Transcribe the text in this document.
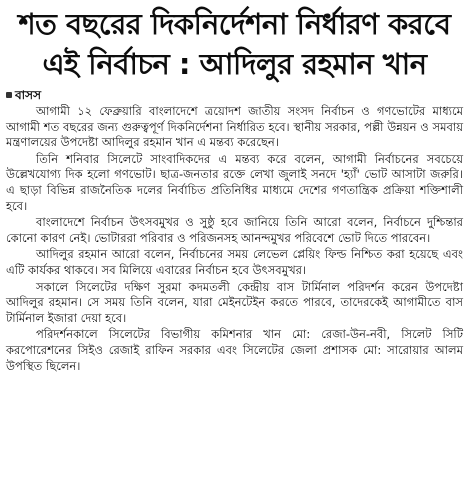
শত বছরের দিকনির্দেশনা নির্ধারণ করবে
এই নির্বাচন : আদিলুর রহমান খান
বাসস

আগামী ১২ ফেব্রুয়ারি বাংলাদেশে ত্রয়োদশ জাতীয় সংসদ নির্বাচন ও গণভোটের মাধ্যমে আগামী শত বছরের জন্য গুরুত্বপূর্ণ দিকনির্দেশনা নির্ধারিত হবে। স্থানীয় সরকার, পল্লী উন্নয়ন ও সমবায় মন্ত্রণালয়ের উপদেষ্টা আদিলুর রহমান খান এ মন্তব্য করেছেন।

তিনি শনিবার সিলেটে সাংবাদিকদের এ মন্তব্য করে বলেন, আগামী নির্বাচনের সবচেয়ে উল্লেখযোগ্য দিক হলো গণভোট। ছাত্র-জনতার রক্তে লেখা জুলাই সনদে 'হ্যাঁ' ভোট আসাটা জরুরি। এ ছাড়া বিভিন্ন রাজনৈতিক দলের নির্বাচিত প্রতিনিধির মাধ্যমে দেশের গণতান্ত্রিক প্রক্রিয়া শক্তিশালী হবে।

বাংলাদেশে নির্বাচন উৎসবমুখর ও সুষ্ঠু হবে জানিয়ে তিনি আরো বলেন, নির্বাচনে দুশ্চিন্তার কোনো কারণ নেই। ভোটাররা পরিবার ও পরিজনসহ আনন্দমুখর পরিবেশে ভোট দিতে পারবেন।

আদিলুর রহমান আরো বলেন, নির্বাচনের সময় লেভেল প্লেয়িং ফিল্ড নিশ্চিত করা হয়েছে এবং এটি কার্যকর থাকবে। সব মিলিয়ে এবারের নির্বাচন হবে উৎসবমুখর।

সকালে সিলেটের দক্ষিণ সুরমা কদমতলী কেন্দ্রীয় বাস টার্মিনাল পরিদর্শন করেন উপদেষ্টা আদিলুর রহমান। সে সময় তিনি বলেন, যারা মেইনটেইন করতে পারবে, তাদেরকেই আগামীতে বাস টার্মিনাল ইজারা দেয়া হবে।

পরিদর্শনকালে সিলেটের বিভাগীয় কমিশনার খান মো: রেজা-উন-নবী, সিলেট সিটি করপোরেশনের সিইও রেজাই রাফিন সরকার এবং সিলেটের জেলা প্রশাসক মো: সারোয়ার আলম উপস্থিত ছিলেন।
